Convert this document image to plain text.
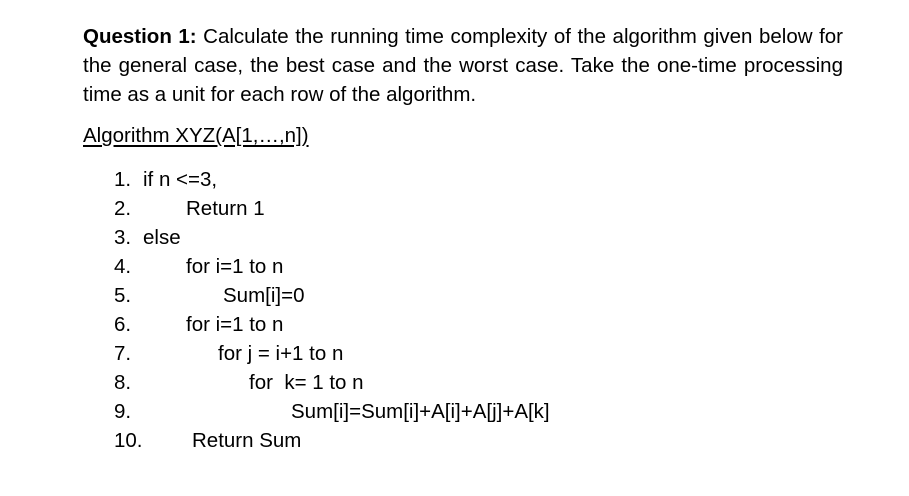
Question 1: Calculate the running time complexity of the algorithm given below for the general case, the best case and the worst case. Take the one-time processing time as a unit for each row of the algorithm.
Algorithm XYZ(A[1,…,n])
1. if n <=3,
2.	Return 1
3. else
4.	for i=1 to n
5.	Sum[i]=0
6.	for i=1 to n
7.	for j = i+1 to n
8.	for  k= 1 to n
9.	Sum[i]=Sum[i]+A[i]+A[j]+A[k]
10. Return Sum
